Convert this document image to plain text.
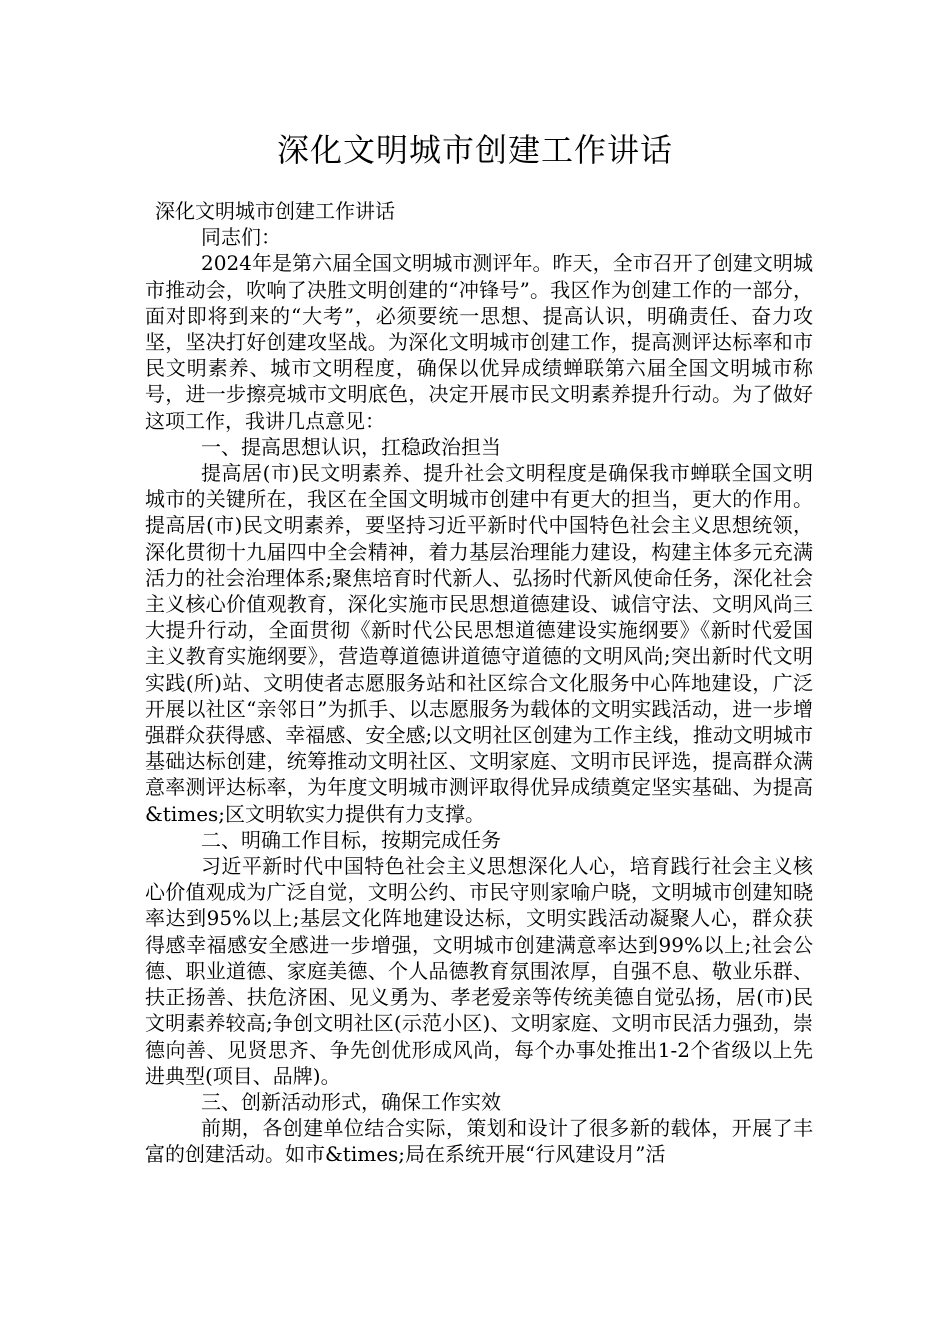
深化文明城市创建工作讲话

深化文明城市创建工作讲话

同志们：

2024年是第六届全国文明城市测评年。昨天，全市召开了创建文明城市推动会，吹响了决胜文明创建的“冲锋号”。我区作为创建工作的一部分，面对即将到来的“大考”，必须要统一思想、提高认识，明确责任、奋力攻坚，坚决打好创建攻坚战。为深化文明城市创建工作，提高测评达标率和市民文明素养、城市文明程度，确保以优异成绩蝉联第六届全国文明城市称号，进一步擦亮城市文明底色，决定开展市民文明素养提升行动。为了做好这项工作，我讲几点意见：

一、提高思想认识，扛稳政治担当

提高居(市)民文明素养、提升社会文明程度是确保我市蝉联全国文明城市的关键所在，我区在全国文明城市创建中有更大的担当，更大的作用。提高居(市)民文明素养，要坚持习近平新时代中国特色社会主义思想统领，深化贯彻十九届四中全会精神，着力基层治理能力建设，构建主体多元充满活力的社会治理体系;聚焦培育时代新人、弘扬时代新风使命任务，深化社会主义核心价值观教育，深化实施市民思想道德建设、诚信守法、文明风尚三大提升行动，全面贯彻《新时代公民思想道德建设实施纲要》《新时代爱国主义教育实施纲要》，营造尊道德讲道德守道德的文明风尚;突出新时代文明实践(所)站、文明使者志愿服务站和社区综合文化服务中心阵地建设，广泛开展以社区“亲邻日”为抓手、以志愿服务为载体的文明实践活动，进一步增强群众获得感、幸福感、安全感;以文明社区创建为工作主线，推动文明城市基础达标创建，统筹推动文明社区、文明家庭、文明市民评选，提高群众满意率测评达标率，为年度文明城市测评取得优异成绩奠定坚实基础、为提高&times;区文明软实力提供有力支撑。

二、明确工作目标，按期完成任务

习近平新时代中国特色社会主义思想深化人心，培育践行社会主义核心价值观成为广泛自觉，文明公约、市民守则家喻户晓，文明城市创建知晓率达到95%以上;基层文化阵地建设达标，文明实践活动凝聚人心，群众获得感幸福感安全感进一步增强，文明城市创建满意率达到99%以上;社会公德、职业道德、家庭美德、个人品德教育氛围浓厚，自强不息、敬业乐群、扶正扬善、扶危济困、见义勇为、孝老爱亲等传统美德自觉弘扬，居(市)民文明素养较高;争创文明社区(示范小区)、文明家庭、文明市民活力强劲，崇德向善、见贤思齐、争先创优形成风尚，每个办事处推出1-2个省级以上先进典型(项目、品牌)。

三、创新活动形式，确保工作实效

前期，各创建单位结合实际，策划和设计了很多新的载体，开展了丰富的创建活动。如市&times;局在系统开展“行风建设月”活
